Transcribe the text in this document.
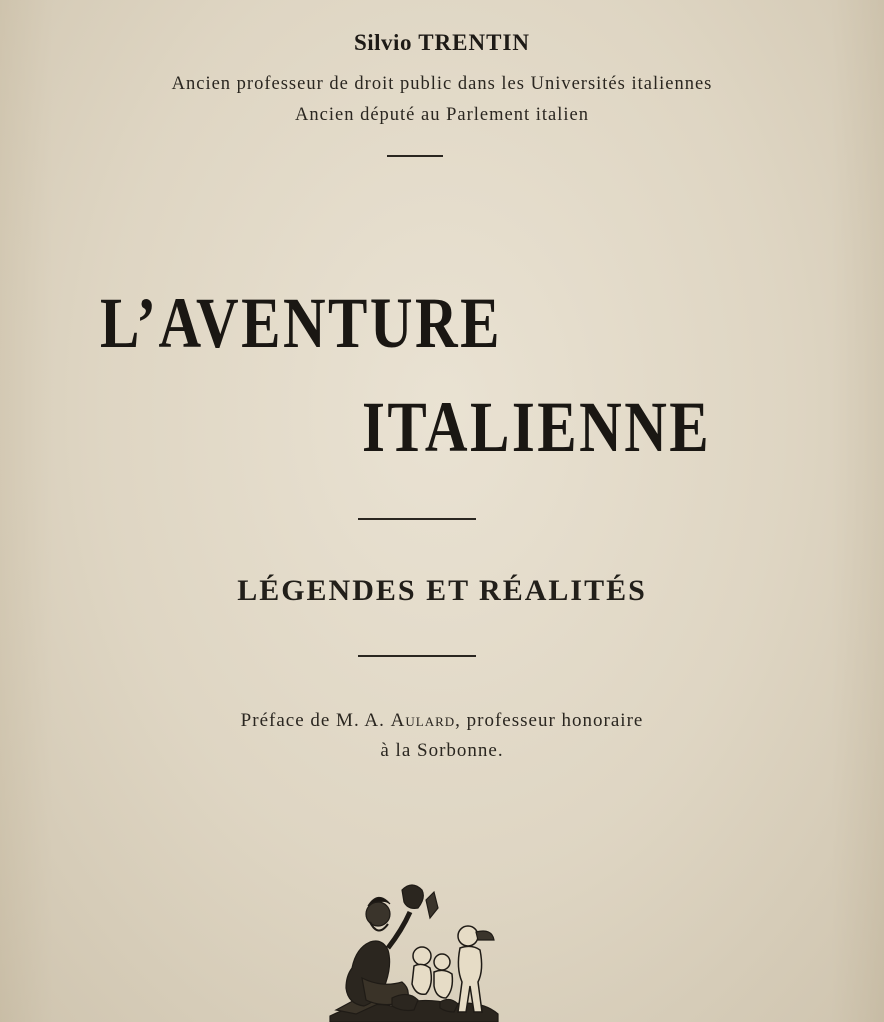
Silvio TRENTIN
Ancien professeur de droit public dans les Universités italiennes
Ancien député au Parlement italien
L’AVENTURE
ITALIENNE
LÉGENDES ET RÉALITÉS
Préface de M. A. Aulard, professeur honoraire
à la Sorbonne.
